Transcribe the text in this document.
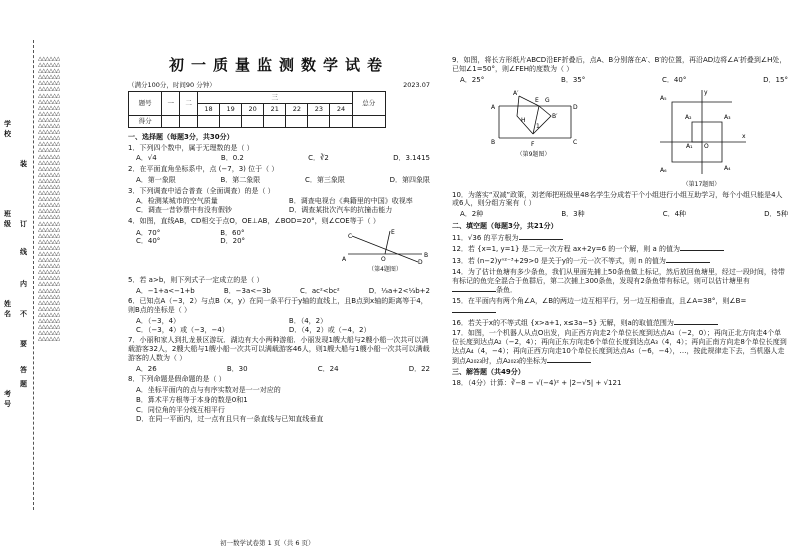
△△△△△△△△△△△△△△△△△△△△△△△△△△△△△△△△△△△△△△△△△△△△△△△△△△△△△△△△△△△△△△△△△△△△△△△△△△△△△△△△△△△△△△△△△△△△△△△△△△△△△△△△△△△△△△△△△△△△△△△△△△△△△△△△△△△△△△△△△△△△△△△△△△△△△△△△△△△△△△△△△△△△△△△△△△△△△△△△△△△△△△△△△△△△△△△△△△△△△△△△△△△△△△△△△△△△△△△△△△△△△△△△△△△△△△△△△△△△△△△△△△△△△△△△△△△△△△△△△△△△△△△△△△△△△△△△△△△△△△△△△△
装
订
线
内
不
要
答
题
学
校
班
级
姓
名
考
号
初一质量监测数学试卷
（满分100分，时间90 分钟）	2023.07
题号	一	二	三							总分
			18	19	20	21	22	23	24	
得分										
一、选择题（每题3分，共30分）
1．下列四个数中，属于无理数的是（ ）
A．√4	B．0.2	C．∛2	D．3.1415
2．在平面直角坐标系中，点 (−7，3) 位于（ ）
A．第一象限	B．第二象限	C．第三象限	D．第四象限
3．下列调查中适合普查（全面调查）的是（ ）
A．检测某城市的空气质量	B．调查电视台《典籍里的中国》收视率
C．调查一昔钞票中有没有假钞	D．调查某批次汽车的抗撞击能力
4．如图，直线AB，CD相交于点O，OE⊥AB，∠BOD=20°，则∠COE等于（ ）
A．70°	B．60°
C．40°	D．20°
E
C
A	O
B
D
（第4题图）
5．若 a>b，则下列式子一定成立的是（ ）
A．−1+a<−1+b	B．−3a<−3b	C．ac²<bc²	D．⅓a+2<⅓b+2
6．已知点A（−3，2）与点B（x，y）在同一条平行于y轴的直线上，且B点到x轴的距离等于4，则B点的坐标是（ ）
A．（−3，4）	B．（4，2）
C．（−3，4）或（−3，−4）	D．（4，2）或（−4，2）
7．小丽和家人到扎龙景区游玩．湖边有大小两种游船．小丽发现1艘大船与2艘小船一次共可以满载游客32人，2艘大船与1艘小船一次共可以满载游客46人，则1艘大船与1艘小船一次共可以满载游客的人数为（ ）
A．26	B．30	C．24	D．22
8．下列命题是假命题的是（ ）
A．坐标平面内的点与有序实数对是一一对应的
B．算术平方根等于本身的数是0和1
C．同位角的平分线互相平行
D．在同一平面内，过一点有且只有一条直线与已知直线垂直
9．如图，将长方形纸片ABCD沿EF折叠后，点A、B分别落在A′、B′的位置，再沿AD边将∠A′折叠到∠H处，已知∠1=50°，则∠FEH的度数为（ ）
A．25°	B．35°	C．40°	D．15°
A′
E G
D
A
B′
H
1
B	F	C
（第9题图）
y
A₅
A₁
A₂
A₆
A₃
O
A₄
x
（第17题图）
10．为落实“双减”政策，刘老师把班级里48名学生分成若干个小组进行小组互助学习，每个小组只能是4人或6人，则分组方案有（ ）
A．2种	B．3种	C．4种	D．5种
二、填空题（每题3分，共21分）
11．√36 的平方根为
12．若 {x=1, y=1} 是二元一次方程 ax+2y=6 的一个解，则 a 的值为
13．若 (n−2)yⁿ²⁻³+29>0 是关于y的一元一次不等式，则 n 的值为
14．为了估计鱼塘有多少条鱼，我们从里面先捕上50条鱼做上标记，然后放回鱼塘里，经过一段时间，待带有标记的鱼完全混合于鱼群后，第二次捕上300条鱼，发现有2条鱼带有标记，则可以估计塘里有条鱼．
15．在平面内有两个角∠A，∠B的两边一边互相平行，另一边互相垂直，且∠A=38°，则∠B=
16．若关于x的不等式组 {x>a+1, x≤3a−5} 无解，则a的取值范围为
17．如图，一个机器人从点O出发，向正西方向走2个单位长度到达点A₁（−2，0）；再向正北方向走4个单位长度到达点A₂（−2，4）；再向正东方向走6个单位长度到达点A₃（4，4）；再向正南方向走8个单位长度到达点A₄（4，−4）；再向正西方向走10个单位长度到达点A₅（−6，−4），…，按此规律走下去，当机器人走到点A₂₀₂₃时，点A₂₀₂₃的坐标为
三、解答题（共49分）
18．（4分）计算：∛−8 − √(−4)² + |2−√5| + √121
初一数学试卷第 1 页（共 6 页）
